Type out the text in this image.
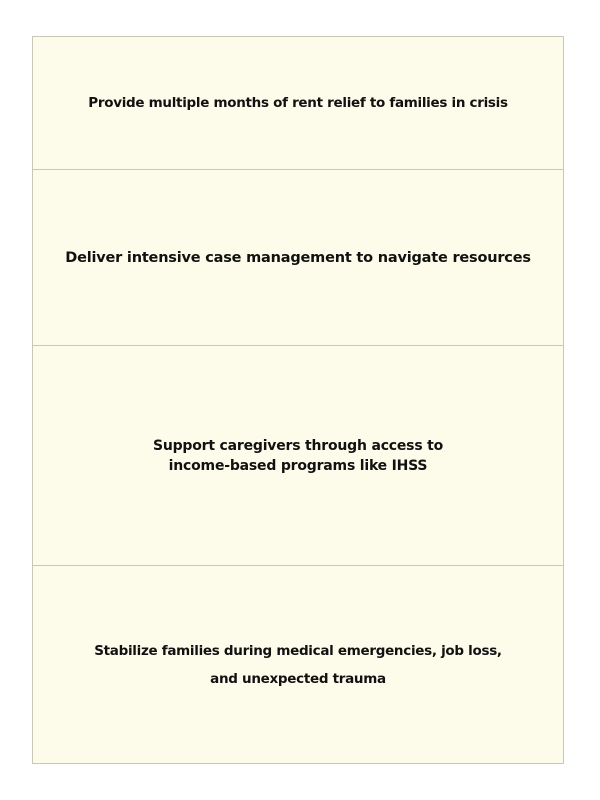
Provide multiple months of rent relief to families in crisis
Deliver intensive case management to navigate resources
Support caregivers through access to
income-based programs like IHSS
Stabilize families during medical emergencies, job loss,
and unexpected trauma
